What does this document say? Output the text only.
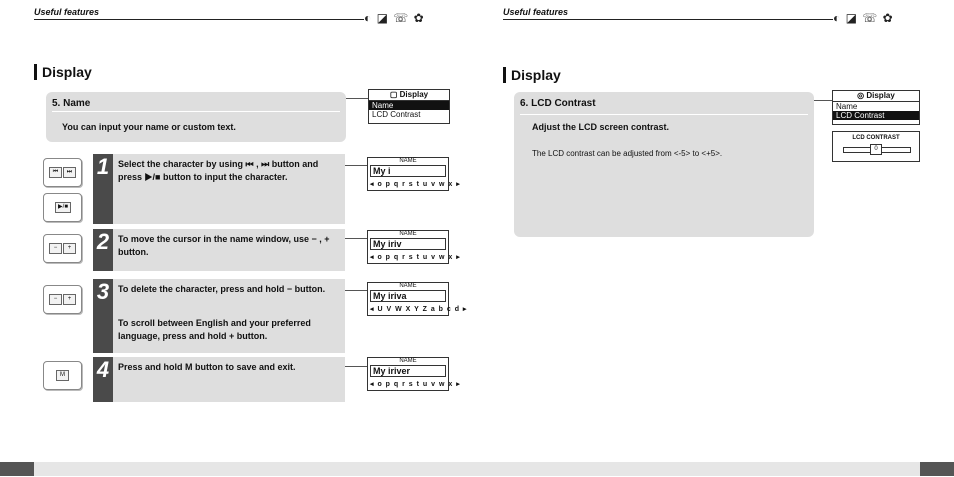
Useful features	◐ ◪ ☏ ✿
Display
5. Name
You can input your name or custom text.
▢ Display
Name
LCD Contrast
⏮	⏭
▶/■
1 Select the character by using ⏮ , ⏭ button and press ▶/■ button to input the character.
NAME
My i
◂ o p q r s t u v w x ▸
−	+ 2 To move the cursor in the name window, use − , + button.
NAME
My iriv
◂ o p q r s t u v w x ▸
−	+ 3 To delete the character, press and hold − button.
To scroll between English and your preferred language, press and hold + button.
NAME
My iriva
◂ U V W X Y Z a b c d ▸
M 4 Press and hold M button to save and exit.
NAME
My iriver
◂ o p q r s t u v w x ▸
Useful features	◐ ◪ ☏ ✿
Display
6. LCD Contrast
Adjust the LCD screen contrast.
The LCD contrast can be adjusted from <-5> to <+5>.
◎ Display
Name
LCD Contrast
LCD CONTRAST
0
